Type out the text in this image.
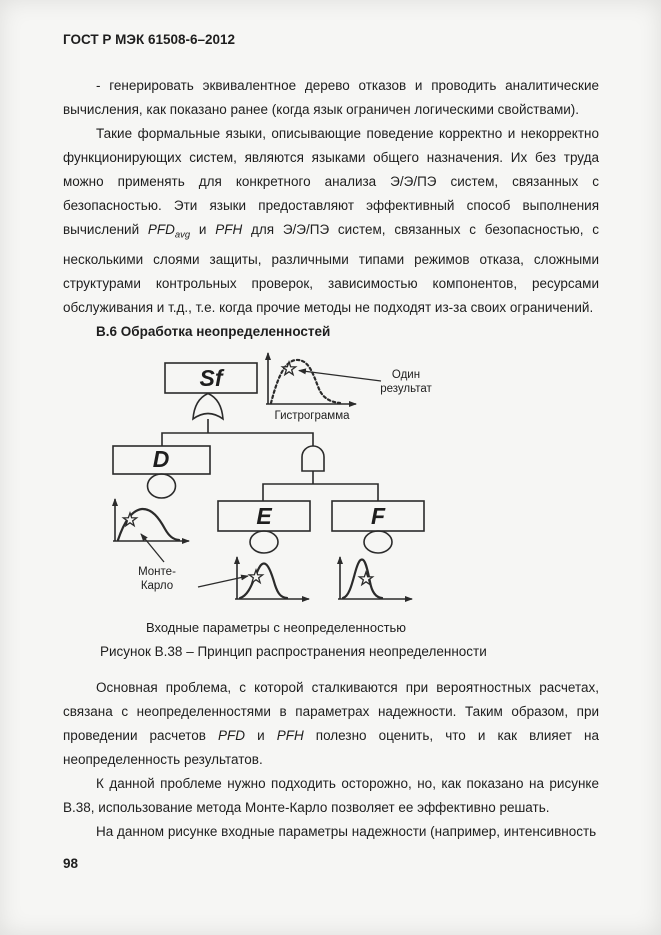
ГОСТ Р МЭК 61508-6–2012

- генерировать эквивалентное дерево отказов и проводить аналитические вычисления, как показано ранее (когда язык ограничен логическими свойствами).

Такие формальные языки, описывающие поведение корректно и некорректно функционирующих систем, являются языками общего назначения. Их без труда можно применять для конкретного анализа Э/Э/ПЭ систем, связанных с безопасностью. Эти языки предоставляют эффективный способ выполнения вычислений $PFD_{avg}$ и PFH для Э/Э/ПЭ систем, связанных с безопасностью, с несколькими слоями защиты, различными типами режимов отказа, сложными структурами контрольных проверок, зависимостью компонентов, ресурсами обслуживания и т.д., т.е. когда прочие методы не подходят из-за своих ограничений.

В.6 Обработка неопределенностей

Sf
D
E	F
Гистрограмма
Один
результат
Монте-
Карло
Входные параметры с неопределенностью

Рисунок В.38 – Принцип распространения неопределенности

Основная проблема, с которой сталкиваются при вероятностных расчетах, связана с неопределенностями в параметрах надежности. Таким образом, при проведении расчетов PFD и PFH полезно оценить, что и как влияет на неопределенность результатов.

К данной проблеме нужно подходить осторожно, но, как показано на рисунке В.38, использование метода Монте-Карло позволяет ее эффективно решать.

На данном рисунке входные параметры надежности (например, интенсивность

98
